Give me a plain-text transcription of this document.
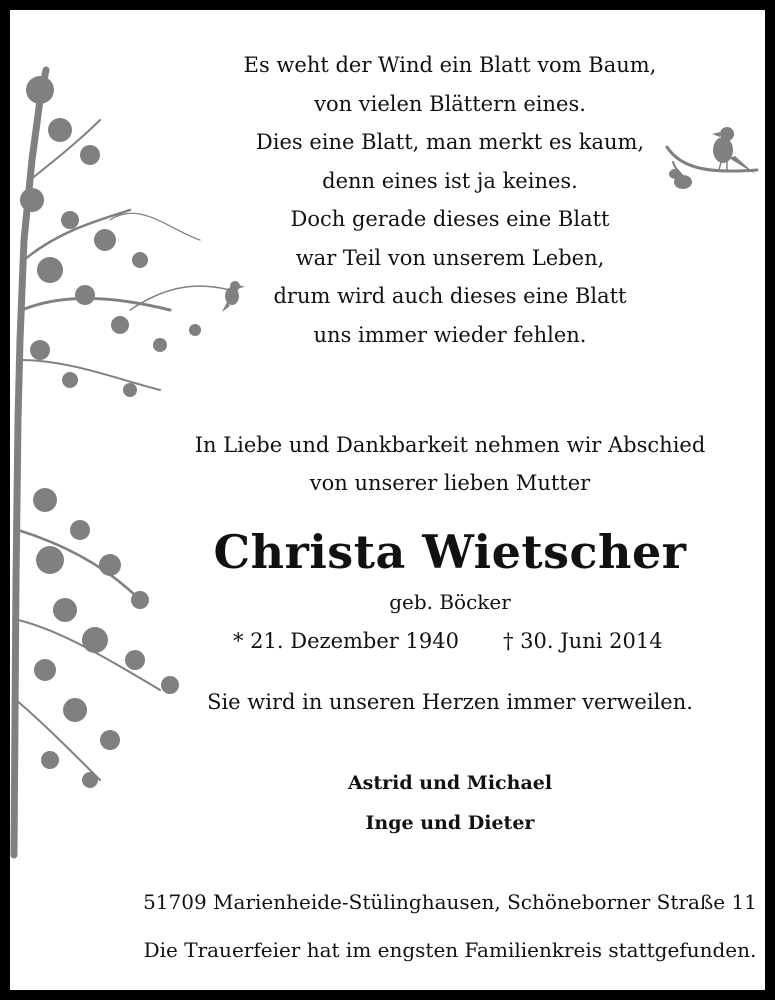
Es weht der Wind ein Blatt vom Baum,

von vielen Blättern eines.

Dies eine Blatt, man merkt es kaum,

denn eines ist ja keines.

Doch gerade dieses eine Blatt

war Teil von unserem Leben,

drum wird auch dieses eine Blatt

uns immer wieder fehlen.

In Liebe und Dankbarkeit nehmen wir Abschied

von unserer lieben Mutter

Christa Wietscher

geb. Böcker

* 21. Dezember 1940 † 30. Juni 2014

Sie wird in unseren Herzen immer verweilen.

Astrid und Michael

Inge und Dieter

51709 Marienheide-Stülinghausen, Schöneborner Straße 11

Die Trauerfeier hat im engsten Familienkreis stattgefunden.
